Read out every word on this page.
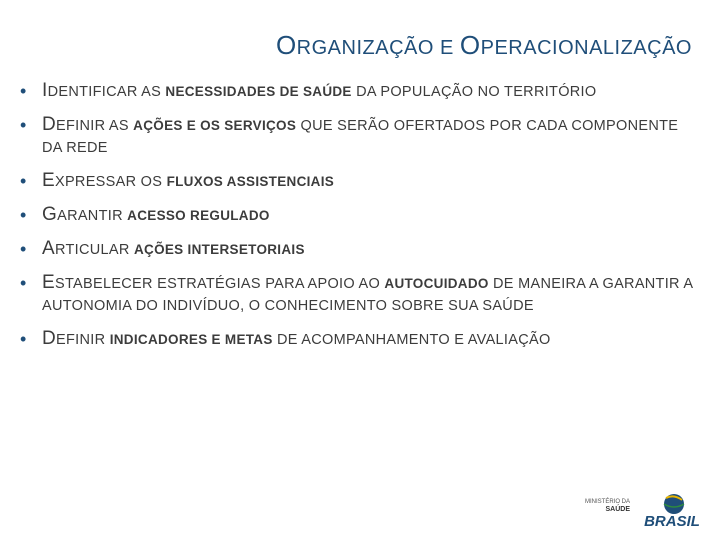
ORGANIZAÇÃO E OPERACIONALIZAÇÃO
• IDENTIFICAR AS NECESSIDADES DE SAÚDE DA POPULAÇÃO NO TERRITÓRIO
• DEFINIR AS AÇÕES E OS SERVIÇOS QUE SERÃO OFERTADOS POR CADA COMPONENTE DA REDE
• EXPRESSAR OS FLUXOS ASSISTENCIAIS
• GARANTIR ACESSO REGULADO
• ARTICULAR AÇÕES INTERSETORIAIS
• ESTABELECER ESTRATÉGIAS PARA APOIO AO AUTOCUIDADO DE MANEIRA A GARANTIR A AUTONOMIA DO INDIVÍDUO, O CONHECIMENTO SOBRE SUA SAÚDE
• DEFINIR INDICADORES E METAS DE ACOMPANHAMENTO E AVALIAÇÃO
MINISTÉRIO DA
SAÚDE
BRASIL
